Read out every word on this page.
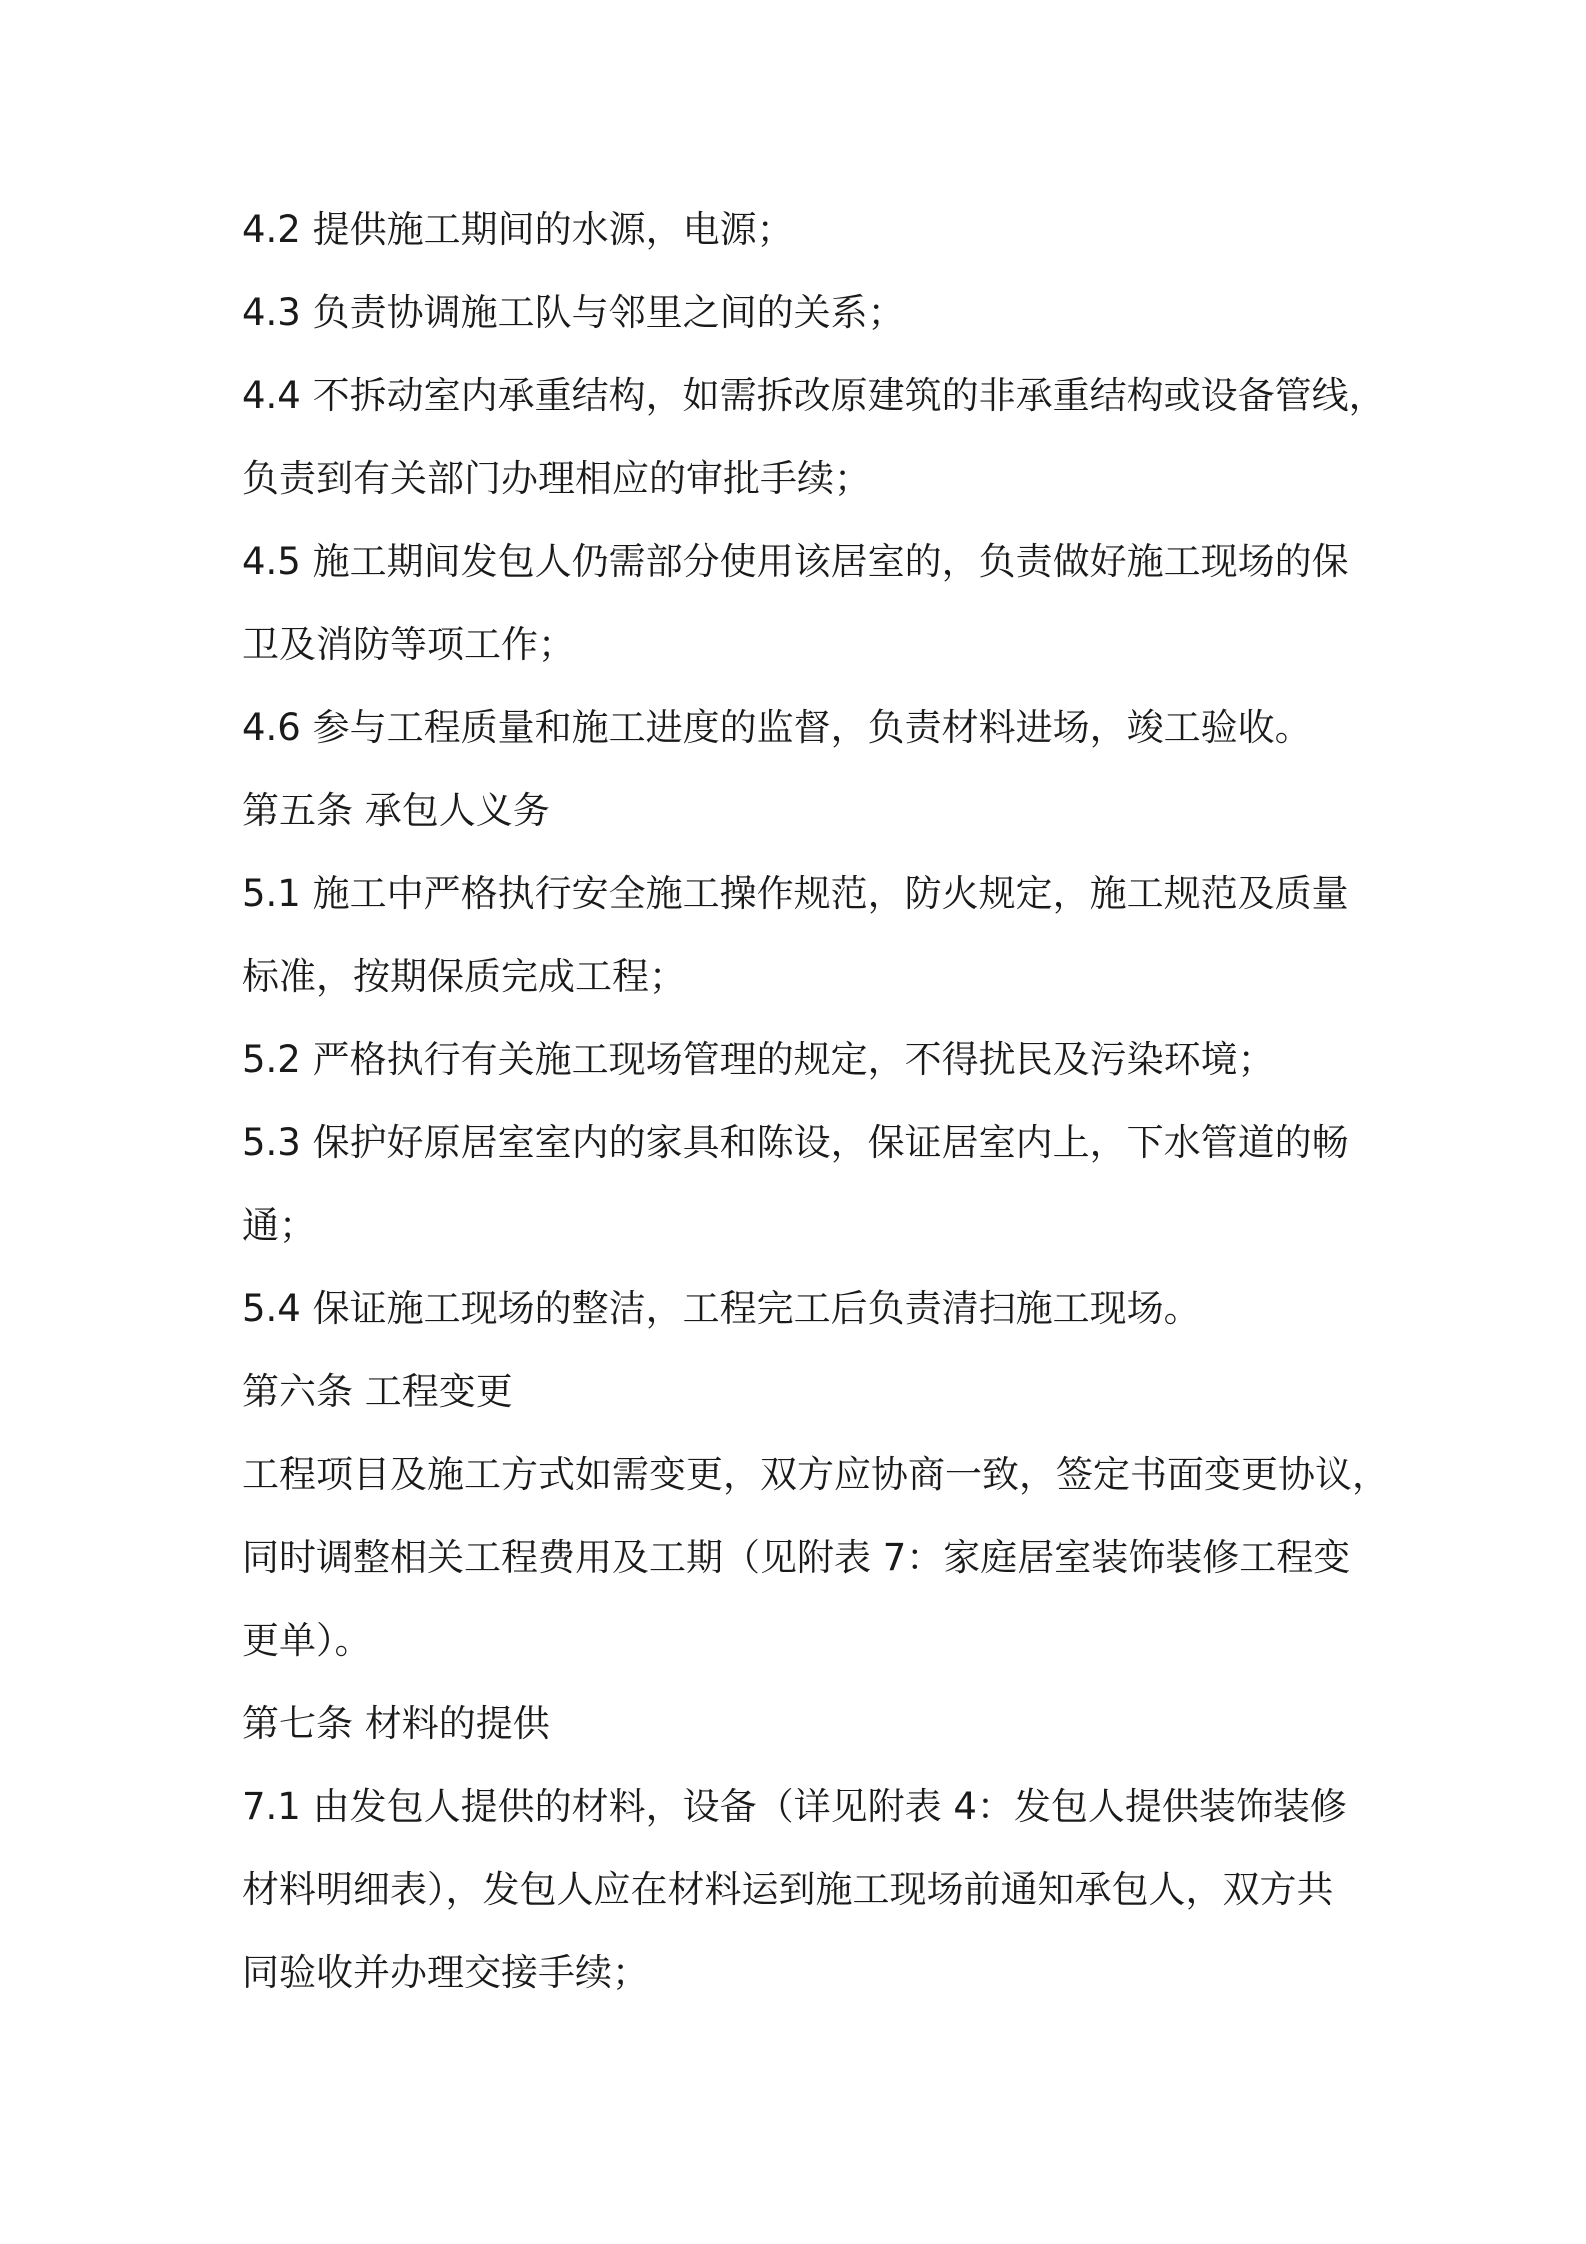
4.2 提供施工期间的水源，电源；
4.3 负责协调施工队与邻里之间的关系；
4.4 不拆动室内承重结构，如需拆改原建筑的非承重结构或设备管线，
负责到有关部门办理相应的审批手续；
4.5 施工期间发包人仍需部分使用该居室的，负责做好施工现场的保
卫及消防等项工作；
4.6 参与工程质量和施工进度的监督，负责材料进场，竣工验收。
第五条 承包人义务
5.1 施工中严格执行安全施工操作规范，防火规定，施工规范及质量
标准，按期保质完成工程；
5.2 严格执行有关施工现场管理的规定，不得扰民及污染环境；
5.3 保护好原居室室内的家具和陈设，保证居室内上，下水管道的畅
通；
5.4 保证施工现场的整洁，工程完工后负责清扫施工现场。
第六条 工程变更
工程项目及施工方式如需变更，双方应协商一致，签定书面变更协议，
同时调整相关工程费用及工期（见附表 7：家庭居室装饰装修工程变
更单）。
第七条 材料的提供
7.1 由发包人提供的材料，设备（详见附表 4：发包人提供装饰装修
材料明细表），发包人应在材料运到施工现场前通知承包人，双方共
同验收并办理交接手续；
